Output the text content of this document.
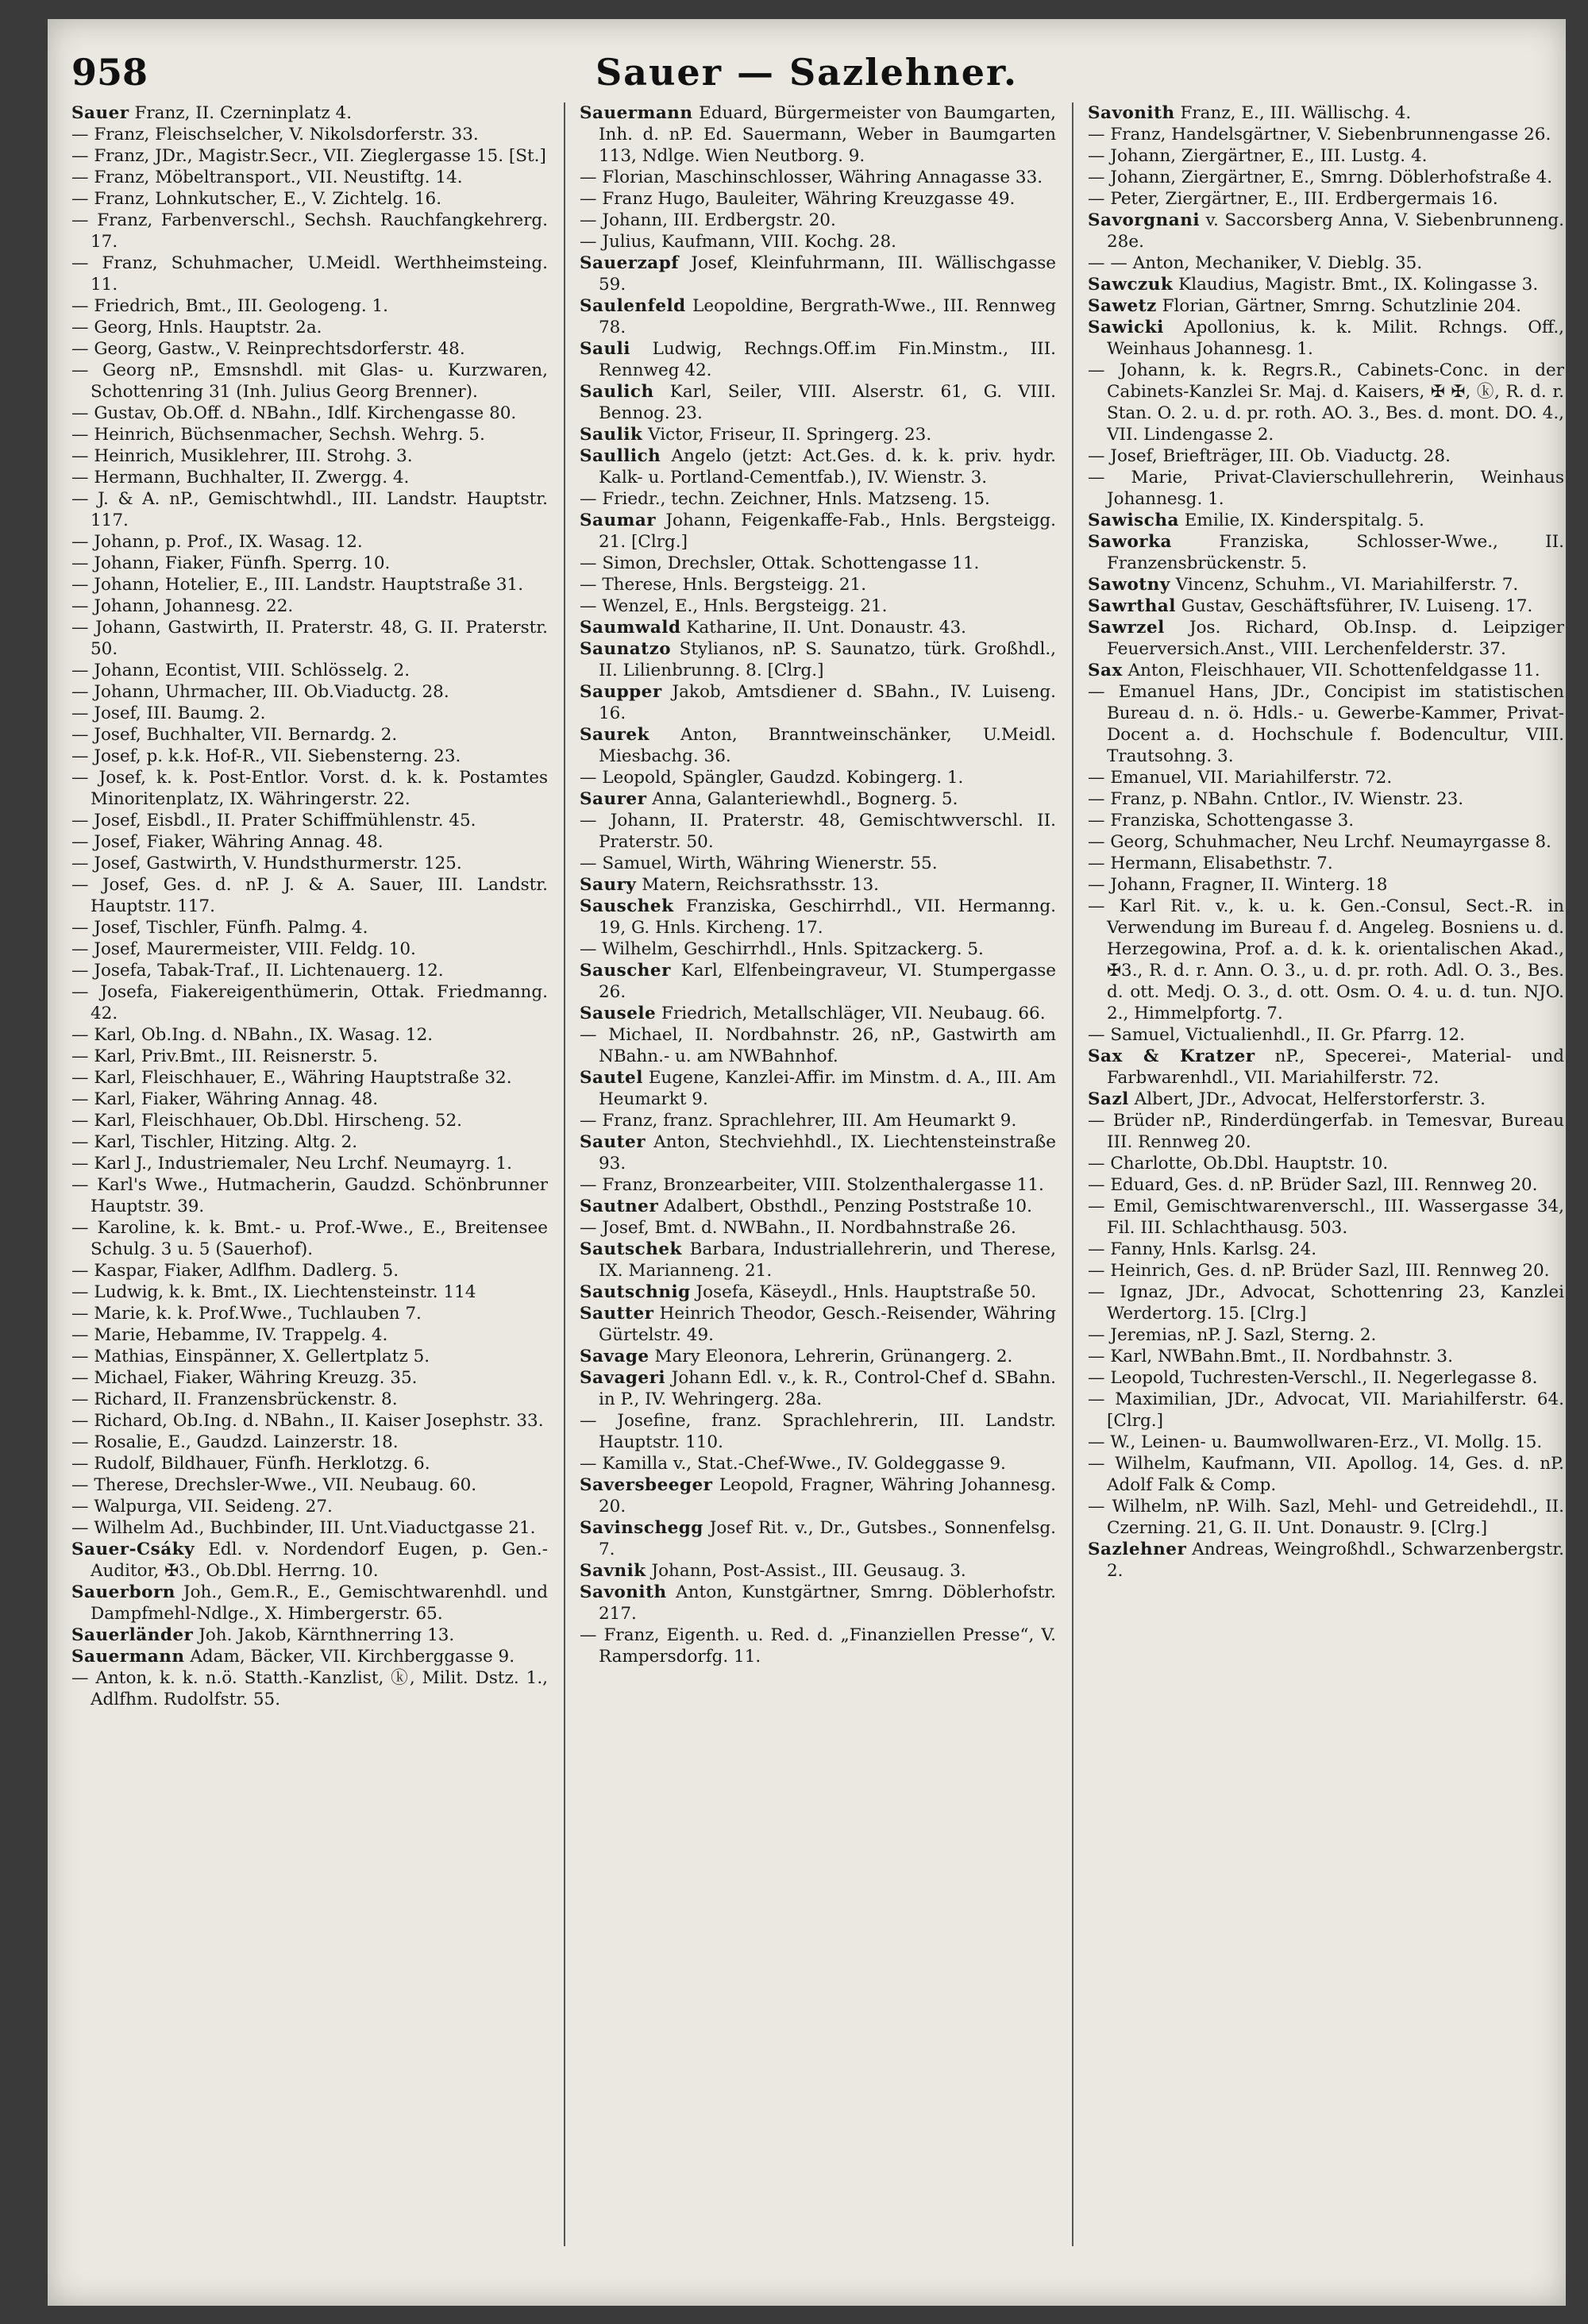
958	Sauer — Sazlehner.
Sauer Franz, II. Czerninplatz 4.
— Franz, Fleischselcher, V. Nikolsdorferstr. 33.
— Franz, JDr., Magistr.Secr., VII. Zieglergasse 15. [St.]
— Franz, Möbeltransport., VII. Neustiftg. 14.
— Franz, Lohnkutscher, E., V. Zichtelg. 16.
— Franz, Farbenverschl., Sechsh. Rauchfangkehrerg. 17.
— Franz, Schuhmacher, U.Meidl. Werthheimsteing. 11.
— Friedrich, Bmt., III. Geologeng. 1.
— Georg, Hnls. Hauptstr. 2a.
— Georg, Gastw., V. Reinprechtsdorferstr. 48.
— Georg nP., Emsnshdl. mit Glas- u. Kurzwaren, Schottenring 31 (Inh. Julius Georg Brenner).
— Gustav, Ob.Off. d. NBahn., Idlf. Kirchengasse 80.
— Heinrich, Büchsenmacher, Sechsh. Wehrg. 5.
— Heinrich, Musiklehrer, III. Strohg. 3.
— Hermann, Buchhalter, II. Zwergg. 4.
— J. & A. nP., Gemischtwhdl., III. Landstr. Hauptstr. 117.
— Johann, p. Prof., IX. Wasag. 12.
— Johann, Fiaker, Fünfh. Sperrg. 10.
— Johann, Hotelier, E., III. Landstr. Hauptstraße 31.
— Johann, Johannesg. 22.
— Johann, Gastwirth, II. Praterstr. 48, G. II. Praterstr. 50.
— Johann, Econtist, VIII. Schlösselg. 2.
— Johann, Uhrmacher, III. Ob.Viaductg. 28.
— Josef, III. Baumg. 2.
— Josef, Buchhalter, VII. Bernardg. 2.
— Josef, p. k.k. Hof-R., VII. Siebensterng. 23.
— Josef, k. k. Post-Entlor. Vorst. d. k. k. Postamtes Minoritenplatz, IX. Währingerstr. 22.
— Josef, Eisbdl., II. Prater Schiffmühlenstr. 45.
— Josef, Fiaker, Währing Annag. 48.
— Josef, Gastwirth, V. Hundsthurmerstr. 125.
— Josef, Ges. d. nP. J. & A. Sauer, III. Landstr. Hauptstr. 117.
— Josef, Tischler, Fünfh. Palmg. 4.
— Josef, Maurermeister, VIII. Feldg. 10.
— Josefa, Tabak-Traf., II. Lichtenauerg. 12.
— Josefa, Fiakereigenthümerin, Ottak. Friedmanng. 42.
— Karl, Ob.Ing. d. NBahn., IX. Wasag. 12.
— Karl, Priv.Bmt., III. Reisnerstr. 5.
— Karl, Fleischhauer, E., Währing Hauptstraße 32.
— Karl, Fiaker, Währing Annag. 48.
— Karl, Fleischhauer, Ob.Dbl. Hirscheng. 52.
— Karl, Tischler, Hitzing. Altg. 2.
— Karl J., Industriemaler, Neu Lrchf. Neumayrg. 1.
— Karl's Wwe., Hutmacherin, Gaudzd. Schönbrunner Hauptstr. 39.
— Karoline, k. k. Bmt.- u. Prof.-Wwe., E., Breitensee Schulg. 3 u. 5 (Sauerhof).
— Kaspar, Fiaker, Adlfhm. Dadlerg. 5.
— Ludwig, k. k. Bmt., IX. Liechtensteinstr. 114
— Marie, k. k. Prof.Wwe., Tuchlauben 7.
— Marie, Hebamme, IV. Trappelg. 4.
— Mathias, Einspänner, X. Gellertplatz 5.
— Michael, Fiaker, Währing Kreuzg. 35.
— Richard, II. Franzensbrückenstr. 8.
— Richard, Ob.Ing. d. NBahn., II. Kaiser Josephstr. 33.
— Rosalie, E., Gaudzd. Lainzerstr. 18.
— Rudolf, Bildhauer, Fünfh. Herklotzg. 6.
— Therese, Drechsler-Wwe., VII. Neubaug. 60.
— Walpurga, VII. Seideng. 27.
— Wilhelm Ad., Buchbinder, III. Unt.Viaductgasse 21.
Sauer-Csáky Edl. v. Nordendorf Eugen, p. Gen.-Auditor, ✠3., Ob.Dbl. Herrng. 10.
Sauerborn Joh., Gem.R., E., Gemischtwarenhdl. und Dampfmehl-Ndlge., X. Himbergerstr. 65.
Sauerländer Joh. Jakob, Kärnthnerring 13.
Sauermann Adam, Bäcker, VII. Kirchberggasse 9.
— Anton, k. k. n.ö. Statth.-Kanzlist, ⓚ, Milit. Dstz. 1., Adlfhm. Rudolfstr. 55.
Sauermann Eduard, Bürgermeister von Baumgarten, Inh. d. nP. Ed. Sauermann, Weber in Baumgarten 113, Ndlge. Wien Neutborg. 9.
— Florian, Maschinschlosser, Währing Annagasse 33.
— Franz Hugo, Bauleiter, Währing Kreuzgasse 49.
— Johann, III. Erdbergstr. 20.
— Julius, Kaufmann, VIII. Kochg. 28.
Sauerzapf Josef, Kleinfuhrmann, III. Wällischgasse 59.
Saulenfeld Leopoldine, Bergrath-Wwe., III. Rennweg 78.
Sauli Ludwig, Rechngs.Off.im Fin.Minstm., III. Rennweg 42.
Saulich Karl, Seiler, VIII. Alserstr. 61, G. VIII. Bennog. 23.
Saulik Victor, Friseur, II. Springerg. 23.
Saullich Angelo (jetzt: Act.Ges. d. k. k. priv. hydr. Kalk- u. Portland-Cementfab.), IV. Wienstr. 3.
— Friedr., techn. Zeichner, Hnls. Matzseng. 15.
Saumar Johann, Feigenkaffe-Fab., Hnls. Bergsteigg. 21. [Clrg.]
— Simon, Drechsler, Ottak. Schottengasse 11.
— Therese, Hnls. Bergsteigg. 21.
— Wenzel, E., Hnls. Bergsteigg. 21.
Saumwald Katharine, II. Unt. Donaustr. 43.
Saunatzo Stylianos, nP. S. Saunatzo, türk. Großhdl., II. Lilienbrunng. 8. [Clrg.]
Saupper Jakob, Amtsdiener d. SBahn., IV. Luiseng. 16.
Saurek Anton, Branntweinschänker, U.Meidl. Miesbachg. 36.
— Leopold, Spängler, Gaudzd. Kobingerg. 1.
Saurer Anna, Galanteriewhdl., Bognerg. 5.
— Johann, II. Praterstr. 48, Gemischtwverschl. II. Praterstr. 50.
— Samuel, Wirth, Währing Wienerstr. 55.
Saury Matern, Reichsrathsstr. 13.
Sauschek Franziska, Geschirrhdl., VII. Hermanng. 19, G. Hnls. Kircheng. 17.
— Wilhelm, Geschirrhdl., Hnls. Spitzackerg. 5.
Sauscher Karl, Elfenbeingraveur, VI. Stumpergasse 26.
Sausele Friedrich, Metallschläger, VII. Neubaug. 66.
— Michael, II. Nordbahnstr. 26, nP., Gastwirth am NBahn.- u. am NWBahnhof.
Sautel Eugene, Kanzlei-Affir. im Minstm. d. A., III. Am Heumarkt 9.
— Franz, franz. Sprachlehrer, III. Am Heumarkt 9.
Sauter Anton, Stechviehhdl., IX. Liechtensteinstraße 93.
— Franz, Bronzearbeiter, VIII. Stolzenthalergasse 11.
Sautner Adalbert, Obsthdl., Penzing Poststraße 10.
— Josef, Bmt. d. NWBahn., II. Nordbahnstraße 26.
Sautschek Barbara, Industriallehrerin, und Therese, IX. Marianneng. 21.
Sautschnig Josefa, Käseydl., Hnls. Hauptstraße 50.
Sautter Heinrich Theodor, Gesch.-Reisender, Währing Gürtelstr. 49.
Savage Mary Eleonora, Lehrerin, Grünangerg. 2.
Savageri Johann Edl. v., k. R., Control-Chef d. SBahn. in P., IV. Wehringerg. 28a.
— Josefine, franz. Sprachlehrerin, III. Landstr. Hauptstr. 110.
— Kamilla v., Stat.-Chef-Wwe., IV. Goldeggasse 9.
Saversbeeger Leopold, Fragner, Währing Johannesg. 20.
Savinschegg Josef Rit. v., Dr., Gutsbes., Sonnenfelsg. 7.
Savnik Johann, Post-Assist., III. Geusaug. 3.
Savonith Anton, Kunstgärtner, Smrng. Döblerhofstr. 217.
— Franz, Eigenth. u. Red. d. „Finanziellen Presse“, V. Rampersdorfg. 11.
Savonith Franz, E., III. Wällischg. 4.
— Franz, Handelsgärtner, V. Siebenbrunnengasse 26.
— Johann, Ziergärtner, E., III. Lustg. 4.
— Johann, Ziergärtner, E., Smrng. Döblerhofstraße 4.
— Peter, Ziergärtner, E., III. Erdbergermais 16.
Savorgnani v. Saccorsberg Anna, V. Siebenbrunneng. 28e.
— — Anton, Mechaniker, V. Dieblg. 35.
Sawczuk Klaudius, Magistr. Bmt., IX. Kolingasse 3.
Sawetz Florian, Gärtner, Smrng. Schutzlinie 204.
Sawicki Apollonius, k. k. Milit. Rchngs. Off., Weinhaus Johannesg. 1.
— Johann, k. k. Regrs.R., Cabinets-Conc. in der Cabinets-Kanzlei Sr. Maj. d. Kaisers, ✠ ✠, ⓚ, R. d. r. Stan. O. 2. u. d. pr. roth. AO. 3., Bes. d. mont. DO. 4., VII. Lindengasse 2.
— Josef, Briefträger, III. Ob. Viaductg. 28.
— Marie, Privat-Clavierschullehrerin, Weinhaus Johannesg. 1.
Sawischa Emilie, IX. Kinderspitalg. 5.
Saworka Franziska, Schlosser-Wwe., II. Franzensbrückenstr. 5.
Sawotny Vincenz, Schuhm., VI. Mariahilferstr. 7.
Sawrthal Gustav, Geschäftsführer, IV. Luiseng. 17.
Sawrzel Jos. Richard, Ob.Insp. d. Leipziger Feuerversich.Anst., VIII. Lerchenfelderstr. 37.
Sax Anton, Fleischhauer, VII. Schottenfeldgasse 11.
— Emanuel Hans, JDr., Concipist im statistischen Bureau d. n. ö. Hdls.- u. Gewerbe-Kammer, Privat-Docent a. d. Hochschule f. Bodencultur, VIII. Trautsohng. 3.
— Emanuel, VII. Mariahilferstr. 72.
— Franz, p. NBahn. Cntlor., IV. Wienstr. 23.
— Franziska, Schottengasse 3.
— Georg, Schuhmacher, Neu Lrchf. Neumayrgasse 8.
— Hermann, Elisabethstr. 7.
— Johann, Fragner, II. Winterg. 18
— Karl Rit. v., k. u. k. Gen.-Consul, Sect.-R. in Verwendung im Bureau f. d. Angeleg. Bosniens u. d. Herzegowina, Prof. a. d. k. k. orientalischen Akad., ✠3., R. d. r. Ann. O. 3., u. d. pr. roth. Adl. O. 3., Bes. d. ott. Medj. O. 3., d. ott. Osm. O. 4. u. d. tun. NJO. 2., Himmelpfortg. 7.
— Samuel, Victualienhdl., II. Gr. Pfarrg. 12.
Sax & Kratzer nP., Specerei-, Material- und Farbwarenhdl., VII. Mariahilferstr. 72.
Sazl Albert, JDr., Advocat, Helferstorferstr. 3.
— Brüder nP., Rinderdüngerfab. in Temesvar, Bureau III. Rennweg 20.
— Charlotte, Ob.Dbl. Hauptstr. 10.
— Eduard, Ges. d. nP. Brüder Sazl, III. Rennweg 20.
— Emil, Gemischtwarenverschl., III. Wassergasse 34, Fil. III. Schlachthausg. 503.
— Fanny, Hnls. Karlsg. 24.
— Heinrich, Ges. d. nP. Brüder Sazl, III. Rennweg 20.
— Ignaz, JDr., Advocat, Schottenring 23, Kanzlei Werdertorg. 15. [Clrg.]
— Jeremias, nP. J. Sazl, Sterng. 2.
— Karl, NWBahn.Bmt., II. Nordbahnstr. 3.
— Leopold, Tuchresten-Verschl., II. Negerlegasse 8.
— Maximilian, JDr., Advocat, VII. Mariahilferstr. 64. [Clrg.]
— W., Leinen- u. Baumwollwaren-Erz., VI. Mollg. 15.
— Wilhelm, Kaufmann, VII. Apollog. 14, Ges. d. nP. Adolf Falk & Comp.
— Wilhelm, nP. Wilh. Sazl, Mehl- und Getreidehdl., II. Czerning. 21, G. II. Unt. Donaustr. 9. [Clrg.]
Sazlehner Andreas, Weingroßhdl., Schwarzenbergstr. 2.
